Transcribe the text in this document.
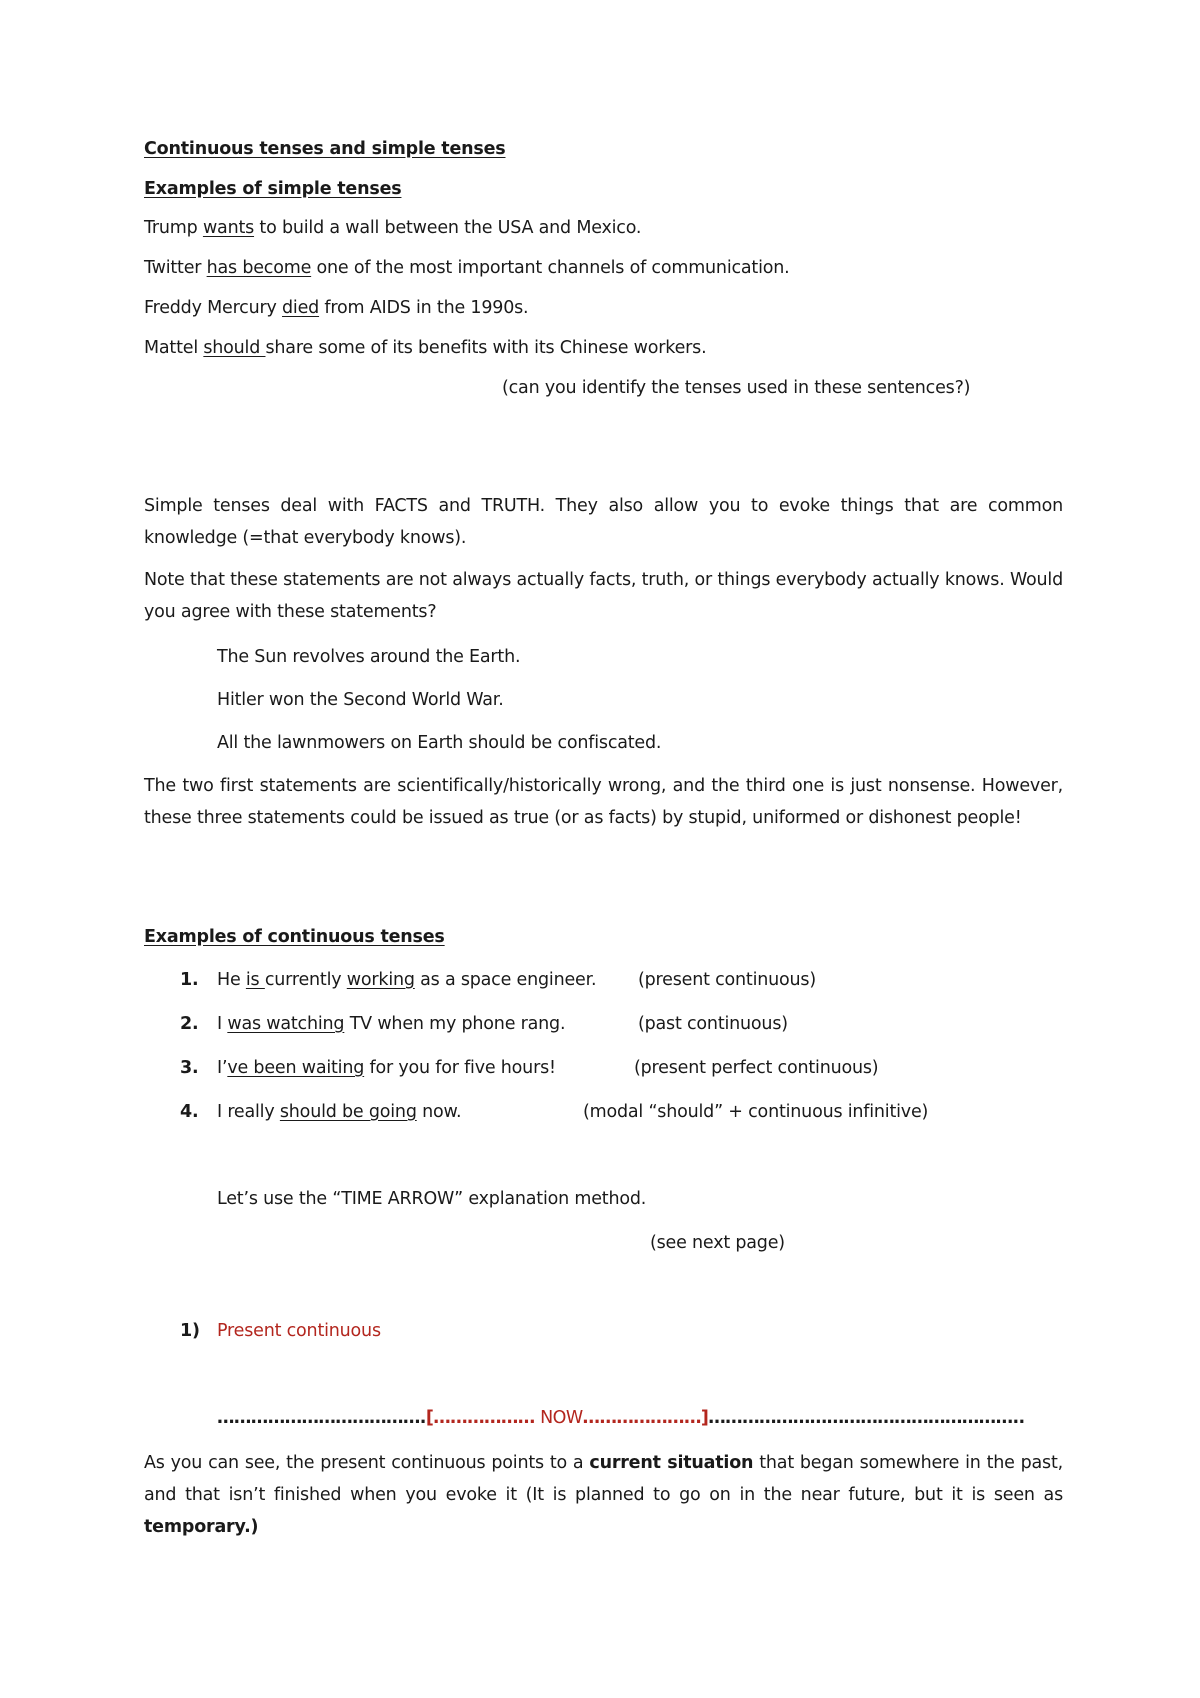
Continuous tenses and simple tenses
Examples of simple tenses
Trump wants to build a wall between the USA and Mexico.
Twitter has become one of the most important channels of communication.
Freddy Mercury died from AIDS in the 1990s.
Mattel should share some of its benefits with its Chinese workers.
(can you identify the tenses used in these sentences?)
Simple tenses deal with FACTS and TRUTH. They also allow you to evoke things that are common knowledge (=that everybody knows).
Note that these statements are not always actually facts, truth, or things everybody actually knows. Would you agree with these statements?
The Sun revolves around the Earth.
Hitler won the Second World War.
All the lawnmowers on Earth should be confiscated.
The two first statements are scientifically/historically wrong, and the third one is just nonsense. However, these three statements could be issued as true (or as facts) by stupid, uniformed or dishonest people!
Examples of continuous tenses
1. He is currently working as a space engineer. (present continuous)
2. I was watching TV when my phone rang.	(past continuous)
3. I’ve been waiting for you for five hours!	(present perfect continuous)
4. I really should be going now.	(modal “should” + continuous infinitive)
Let’s use the “TIME ARROW” explanation method.
(see next page)
1) Present continuous
……………………………….[……………… NOW…………………]………………………………………………..
As you can see, the present continuous points to a current situation that began somewhere in the past, and that isn’t finished when you evoke it (It is planned to go on in the near future, but it is seen as temporary.)
